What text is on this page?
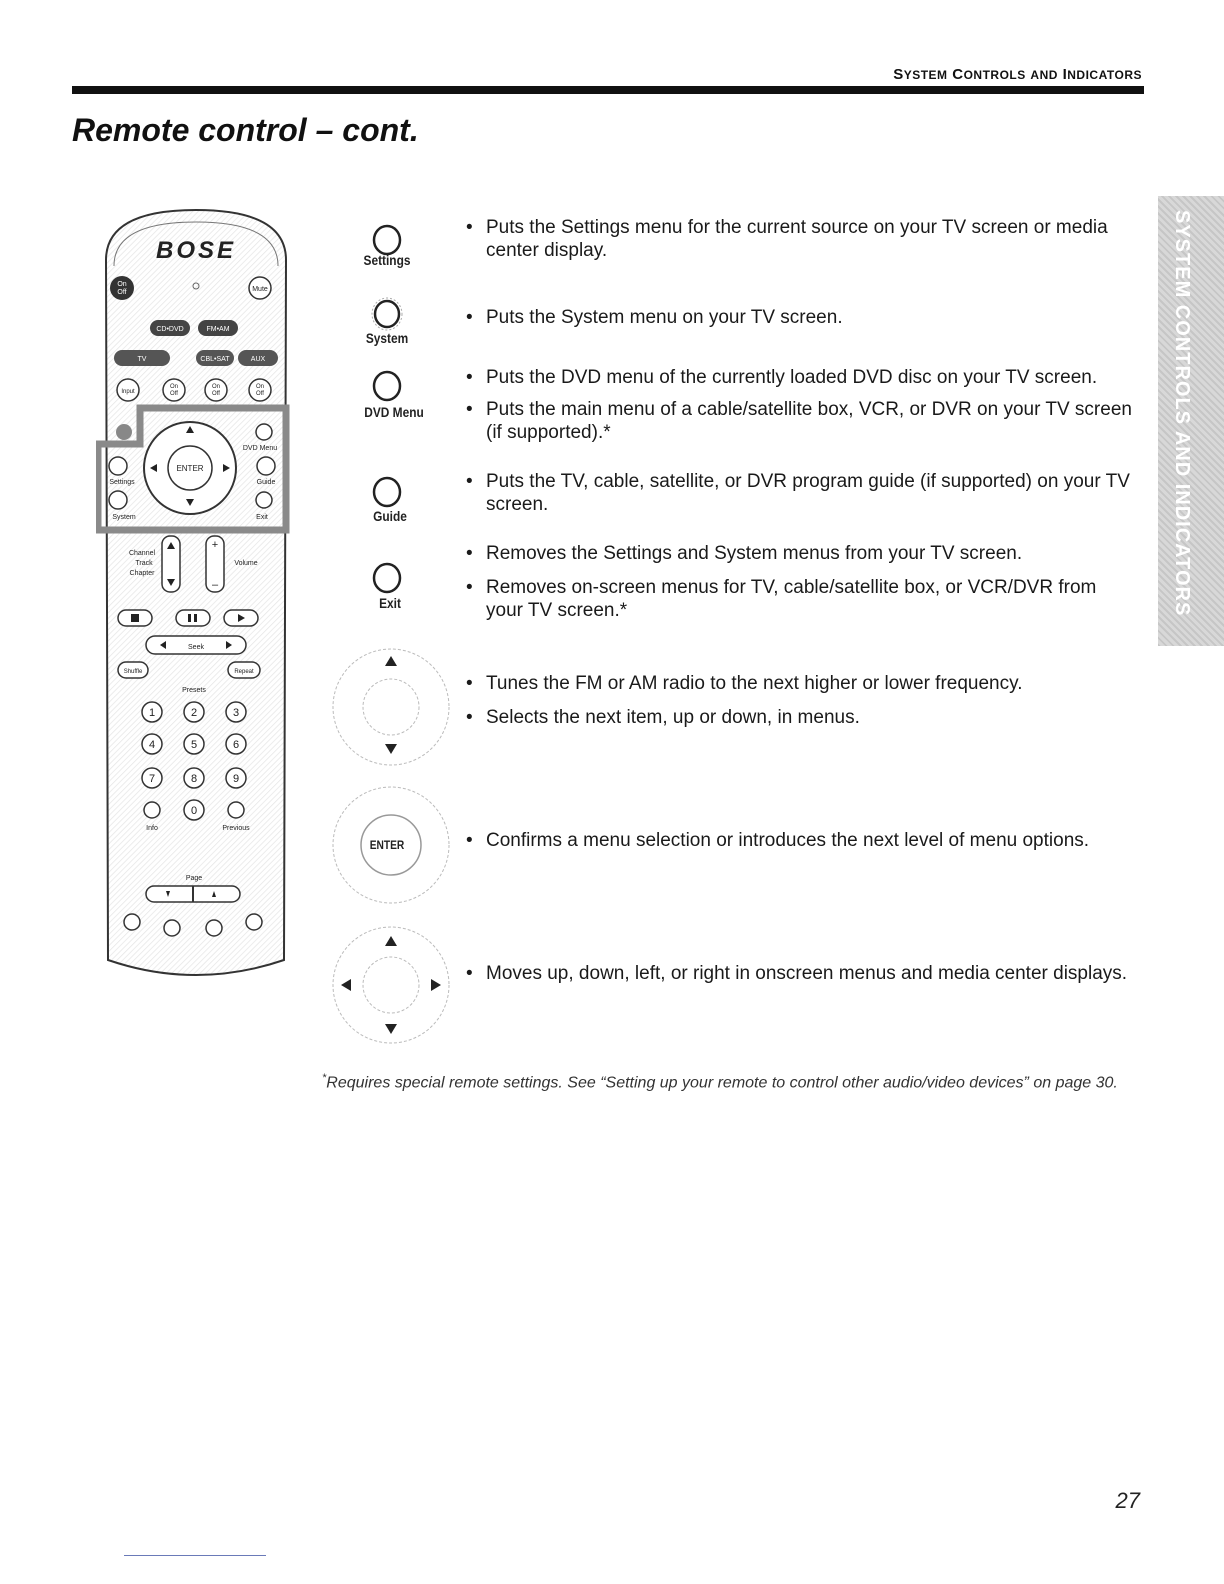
SYSTEM CONTROLS AND INDICATORS
Remote control – cont.
SYSTEM CONTROLS AND INDICATORS
BOSE
On
Off	Mute
CD•DVD	FM•AM
TV	CBL•SAT	AUX
Input
On
Off
On
Off
On
Off
ENTER
DVD Menu
Settings	Guide
System	Exit
Channel
Track
Chapter
+
–
Volume
Seek
Shuffle	Repeat
Presets
1	2	3
4	5	6
7	8	9
0
Info	Previous
Page
Settings
System
DVD Menu
Guide
Exit
ENTER
• Puts the Settings menu for the current source on your TV screen or media center display.
• Puts the System menu on your TV screen.
• Puts the DVD menu of the currently loaded DVD disc on your TV screen.
• Puts the main menu of a cable/satellite box, VCR, or DVR on your TV screen (if supported).*
• Puts the TV, cable, satellite, or DVR program guide (if supported) on your TV screen.
• Removes the Settings and System menus from your TV screen.
• Removes on-screen menus for TV, cable/satellite box, or VCR/DVR from your TV screen.*
• Tunes the FM or AM radio to the next higher or lower frequency.
• Selects the next item, up or down, in menus.
• Confirms a menu selection or introduces the next level of menu options.
• Moves up, down, left, or right in onscreen menus and media center displays.
*Requires special remote settings. See “Setting up your remote to control other audio/video devices” on page 30.
27
